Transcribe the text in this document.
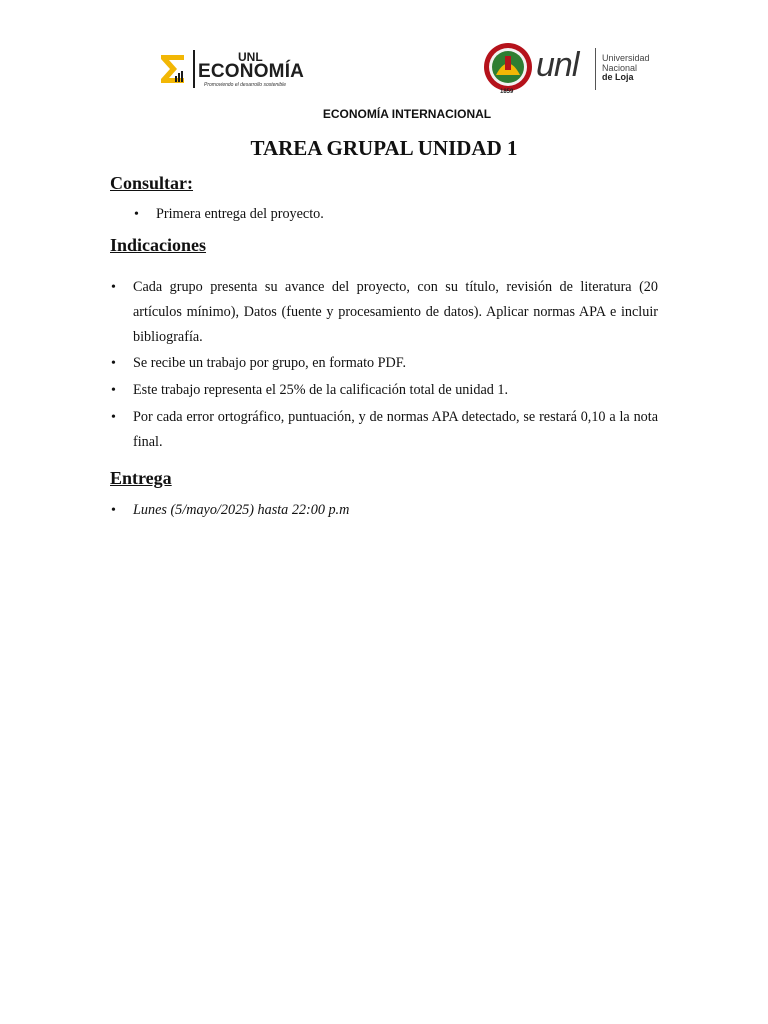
UNL
ECONOMÍA
Promoviendo el desarrollo sostenible
1859
unl	Universidad
Nacional
de Loja
ECONOMÍA INTERNACIONAL
TAREA GRUPAL UNIDAD 1
Consultar:
• Primera entrega del proyecto.
Indicaciones
• Cada grupo presenta su avance del proyecto, con su título, revisión de literatura (20 artículos mínimo), Datos (fuente y procesamiento de datos). Aplicar normas APA e incluir bibliografía.
• Se recibe un trabajo por grupo, en formato PDF.
• Este trabajo representa el 25% de la calificación total de unidad 1.
• Por cada error ortográfico, puntuación, y de normas APA detectado, se restará 0,10 a la nota final.
Entrega
• Lunes (5/mayo/2025) hasta 22:00 p.m
